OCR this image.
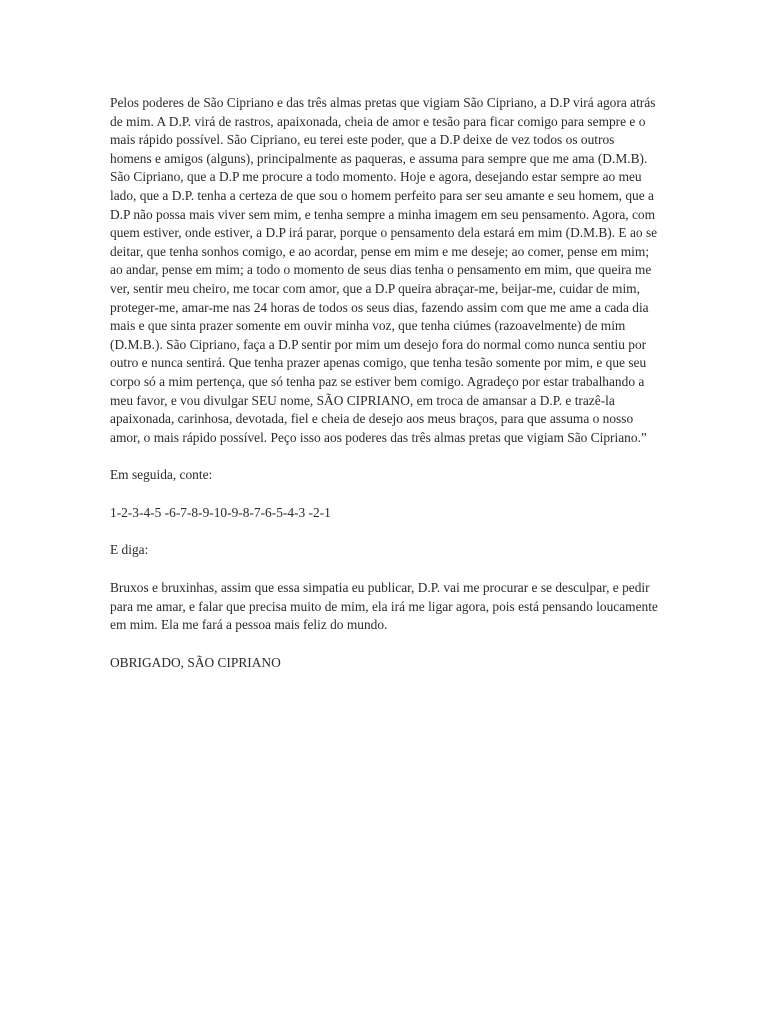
Pelos poderes de São Cipriano e das três almas pretas que vigiam São Cipriano, a D.P virá agora atrás de mim. A D.P. virá de rastros, apaixonada, cheia de amor e tesão para ficar comigo para sempre e o mais rápido possível. São Cipriano, eu terei este poder, que a D.P deixe de vez todos os outros homens e amigos (alguns), principalmente as paqueras, e assuma para sempre que me ama (D.M.B). São Cipriano, que a D.P me procure a todo momento. Hoje e agora, desejando estar sempre ao meu lado, que a D.P. tenha a certeza de que sou o homem perfeito para ser seu amante e seu homem, que a D.P não possa mais viver sem mim, e tenha sempre a minha imagem em seu pensamento. Agora, com quem estiver, onde estiver, a D.P irá parar, porque o pensamento dela estará em mim (D.M.B). E ao se deitar, que tenha sonhos comigo, e ao acordar, pense em mim e me deseje; ao comer, pense em mim; ao andar, pense em mim; a todo o momento de seus dias tenha o pensamento em mim, que queira me ver, sentir meu cheiro, me tocar com amor, que a D.P queira abraçar-me, beijar-me, cuidar de mim, proteger-me, amar-me nas 24 horas de todos os seus dias, fazendo assim com que me ame a cada dia mais e que sinta prazer somente em ouvir minha voz, que tenha ciúmes (razoavelmente) de mim (D.M.B.). São Cipriano, faça a D.P sentir por mim um desejo fora do normal como nunca sentiu por outro e nunca sentirá. Que tenha prazer apenas comigo, que tenha tesão somente por mim, e que seu corpo só a mim pertença, que só tenha paz se estiver bem comigo. Agradeço por estar trabalhando a meu favor, e vou divulgar SEU nome, SÃO CIPRIANO, em troca de amansar a D.P. e trazê-la apaixonada, carinhosa, devotada, fiel e cheia de desejo aos meus braços, para que assuma o nosso amor, o mais rápido possível. Peço isso aos poderes das três almas pretas que vigiam São Cipriano.”

Em seguida, conte:

1-2-3-4-5 -6-7-8-9-10-9-8-7-6-5-4-3 -2-1

E diga:

Bruxos e bruxinhas, assim que essa simpatia eu publicar, D.P. vai me procurar e se desculpar, e pedir para me amar, e falar que precisa muito de mim, ela irá me ligar agora, pois está pensando loucamente em mim. Ela me fará a pessoa mais feliz do mundo.

OBRIGADO, SÃO CIPRIANO
